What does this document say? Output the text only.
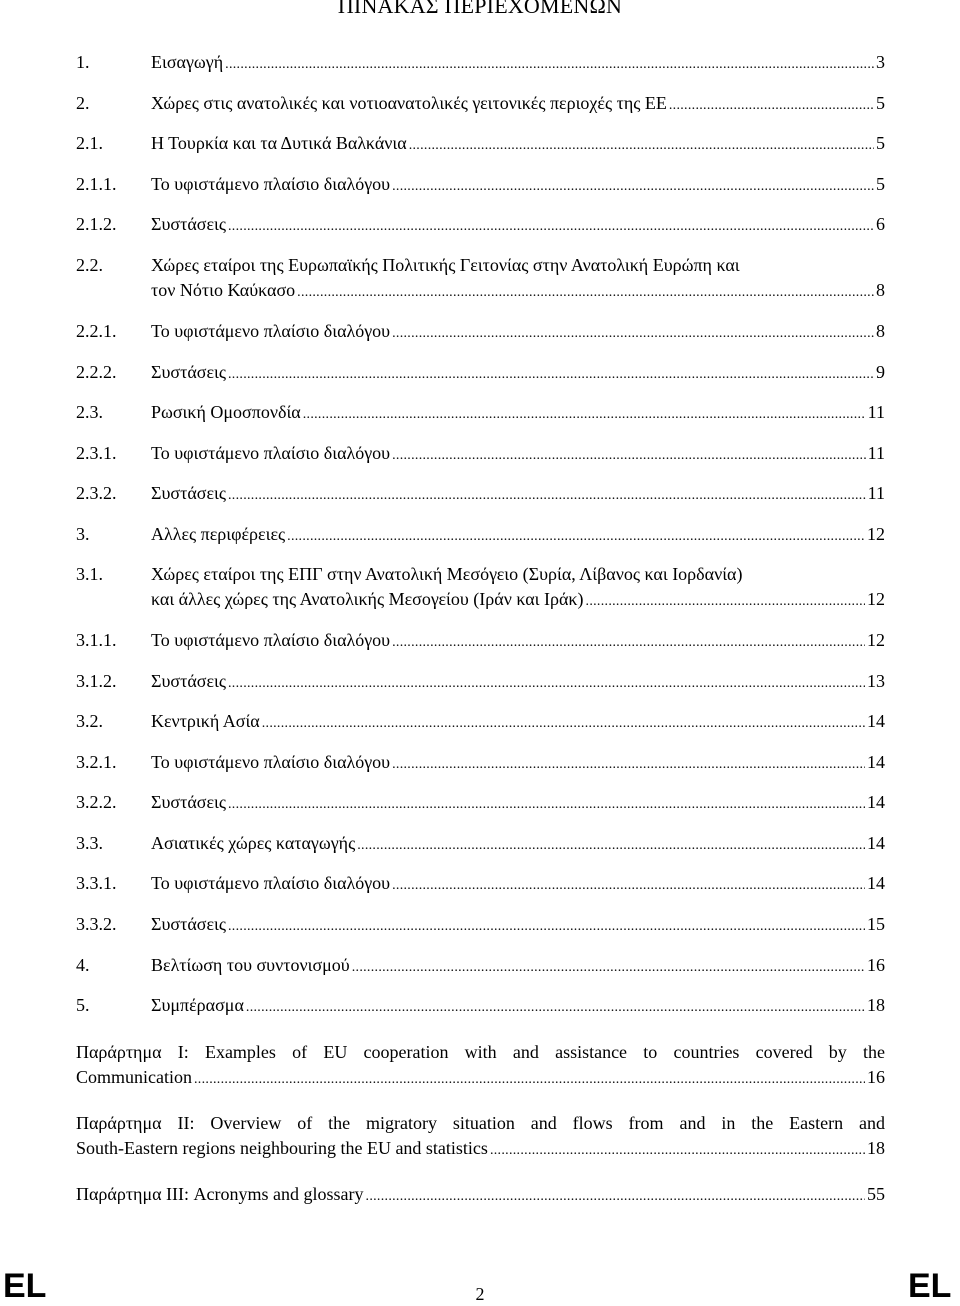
ΠΙΝΑΚΑΣ ΠΕΡΙΕΧΟΜΕΝΩΝ
1.	Εισαγωγή . . .	3
2.	Χώρες στις ανατολικές και νοτιοανατολικές γειτονικές περιοχές της ΕΕ . . .	5
2.1.	Η Τουρκία και τα Δυτικά Βαλκάνια . . .	5
2.1.1. Το υφιστάμενο πλαίσιο διαλόγου . . .	5
2.1.2. Συστάσεις . . .	6
2.2.	Χώρες εταίροι της Ευρωπαϊκής Πολιτικής Γειτονίας στην Ανατολική Ευρώπη και
τον Νότιο Καύκασο . . .	8
2.2.1. Το υφιστάμενο πλαίσιο διαλόγου . . .	8
2.2.2. Συστάσεις . . .	9
2.3.	Ρωσική Ομοσπονδία . . .	11
2.3.1. Το υφιστάμενο πλαίσιο διαλόγου . . .	11
2.3.2. Συστάσεις . . .	11
3.	Αλλες περιφέρειες . . .	12
3.1.	Χώρες εταίροι της ΕΠΓ στην Ανατολική Μεσόγειο (Συρία, Λίβανος και Ιορδανία)
και άλλες χώρες της Ανατολικής Μεσογείου (Ιράν και Ιράκ) . . .	12
3.1.1. Το υφιστάμενο πλαίσιο διαλόγου . . .	12
3.1.2. Συστάσεις . . .	13
3.2.	Κεντρική Ασία . . .	14
3.2.1. Το υφιστάμενο πλαίσιο διαλόγου . . .	14
3.2.2. Συστάσεις . . .	14
3.3.	Ασιατικές χώρες καταγωγής . . .	14
3.3.1. Το υφιστάμενο πλαίσιο διαλόγου . . .	14
3.3.2. Συστάσεις . . .	15
4.	Βελτίωση του συντονισμού . . .	16
5.	Συμπέρασμα . . .	18
Παράρτημα Ι: Examples of EU cooperation with and assistance to countries covered by the
Communication . . .	16
Παράρτημα ΙΙ: Overview of the migratory situation and flows from and in the Eastern and
South-Eastern regions neighbouring the EU and statistics . . .	18
Παράρτημα ΙΙΙ: Acronyms and glossary . . .	55
EL	EL
2
